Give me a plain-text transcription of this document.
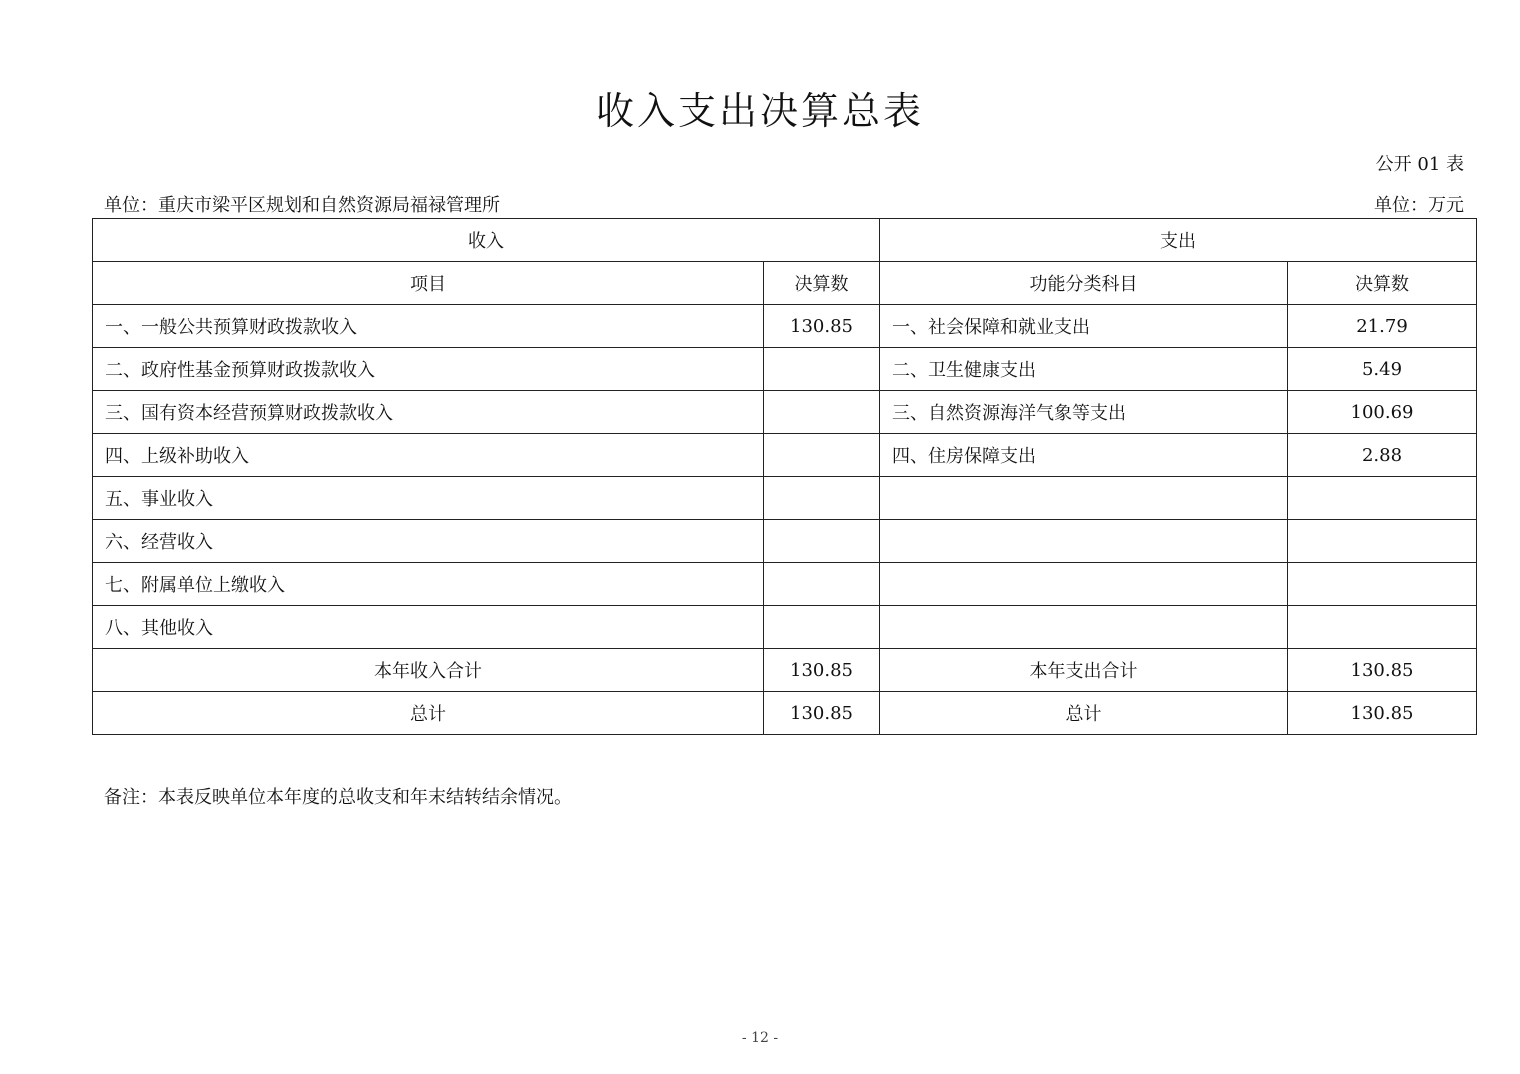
收入支出决算总表
公开 01 表
单位：重庆市梁平区规划和自然资源局福禄管理所	单位：万元
收入		支出	
项目	决算数	功能分类科目	决算数
一、一般公共预算财政拨款收入	130.85	一、社会保障和就业支出	21.79
二、政府性基金预算财政拨款收入		二、卫生健康支出	5.49
三、国有资本经营预算财政拨款收入		三、自然资源海洋气象等支出	100.69
四、上级补助收入		四、住房保障支出	2.88
五、事业收入			
六、经营收入			
七、附属单位上缴收入			
八、其他收入			
本年收入合计	130.85	本年支出合计	130.85
总计	130.85	总计	130.85
备注：本表反映单位本年度的总收支和年末结转结余情况。
- 12 -
